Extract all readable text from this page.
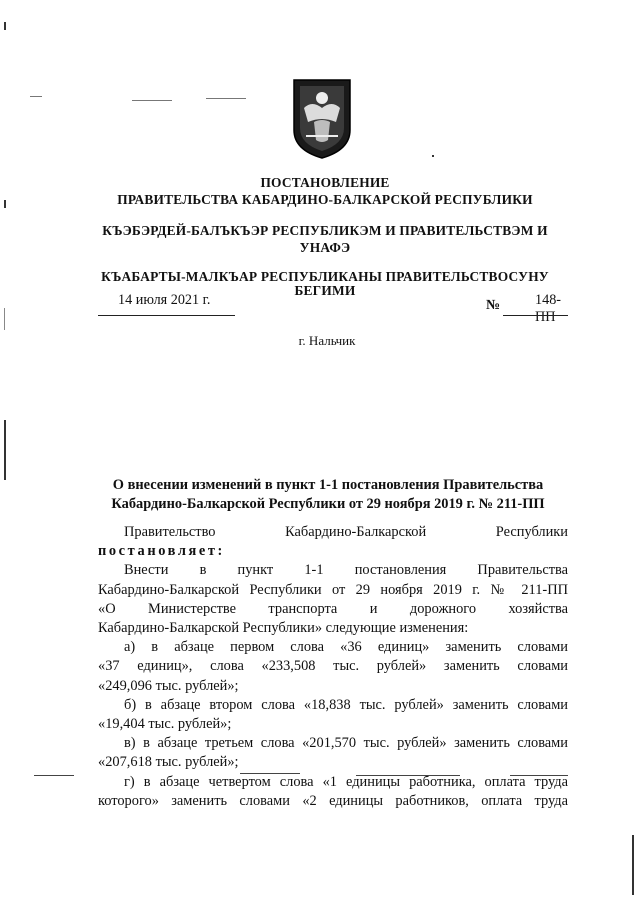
ПОСТАНОВЛЕНИЕ
ПРАВИТЕЛЬСТВА КАБАРДИНО-БАЛКАРСКОЙ РЕСПУБЛИКИ
КЪЭБЭРДЕЙ-БАЛЪКЪЭР РЕСПУБЛИКЭМ И ПРАВИТЕЛЬСТВЭМ И
УНАФЭ
КЪАБАРТЫ-МАЛКЪАР РЕСПУБЛИКАНЫ ПРАВИТЕЛЬСТВОСУНУ
БЕГИМИ
14 июля 2021 г.	№ 148-ПП
г. Нальчик
О внесении изменений в пункт 1-1 постановления Правительства
Кабардино-Балкарской Республики от 29 ноября 2019 г. № 211-ПП
Правительство Кабардино-Балкарской Республики
постановляет:
Внести в пункт 1-1 постановления Правительства
Кабардино-Балкарской Республики от 29 ноября 2019 г. № 211-ПП
«О Министерстве транспорта и дорожного хозяйства
Кабардино-Балкарской Республики» следующие изменения:
а) в абзаце первом слова «36 единиц» заменить словами
«37 единиц», слова «233,508 тыс. рублей» заменить словами
«249,096 тыс. рублей»;
б) в абзаце втором слова «18,838 тыс. рублей» заменить словами
«19,404 тыс. рублей»;
в) в абзаце третьем слова «201,570 тыс. рублей» заменить словами
«207,618 тыс. рублей»;
г) в абзаце четвертом слова «1 единицы работника, оплата труда
которого» заменить словами «2 единицы работников, оплата труда
